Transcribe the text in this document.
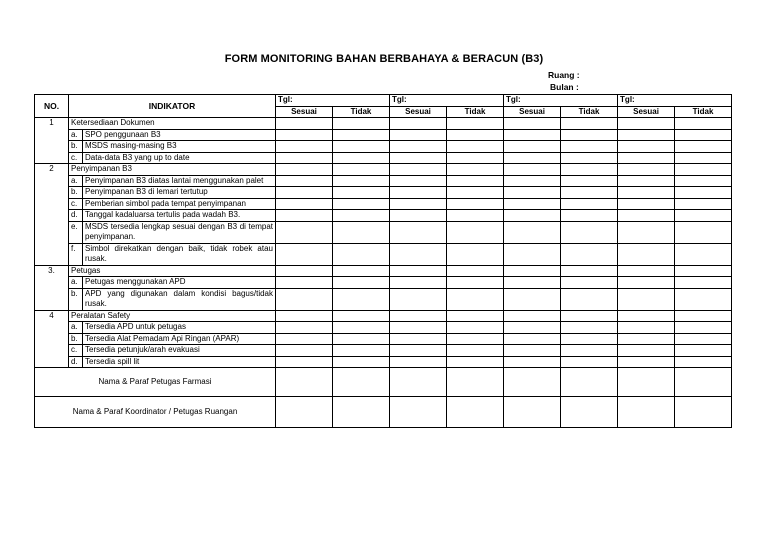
FORM MONITORING BAHAN BERBAHAYA & BERACUN (B3)
Ruang :
Bulan :
NO.	INDIKATOR		Tgl:		Tgl:		Tgl:		Tgl:	
			Sesuai	Tidak	Sesuai	Tidak	Sesuai	Tidak	Sesuai	Tidak
1	Ketersediaan Dokumen									
	a.	SPO penggunaan B3								
	b.	MSDS masing-masing B3								
	c.	Data-data B3 yang up to date								
2	Penyimpanan B3									
	a.	Penyimpanan B3 diatas lantai menggunakan palet								
	b.	Penyimpanan B3 di lemari tertutup								
	c.	Pemberian simbol pada tempat penyimpanan								
	d.	Tanggal kadaluarsa tertulis pada wadah B3.								
	e.	MSDS tersedia lengkap sesuai dengan B3 di tempat penyimpanan.								
	f.	Simbol direkatkan dengan baik, tidak robek atau rusak.								
3.	Petugas									
	a.	Petugas menggunakan APD								
	b.	APD yang digunakan dalam kondisi bagus/tidak rusak.								
4	Peralatan Safety									
	a.	Tersedia APD untuk petugas								
	b.	Tersedia Alat Pemadam Api Ringan (APAR)								
	c.	Tersedia petunjuk/arah evakuasi								
	d.	Tersedia spill lit								
Nama & Paraf Petugas Farmasi										
Nama & Paraf Koordinator / Petugas Ruangan										
